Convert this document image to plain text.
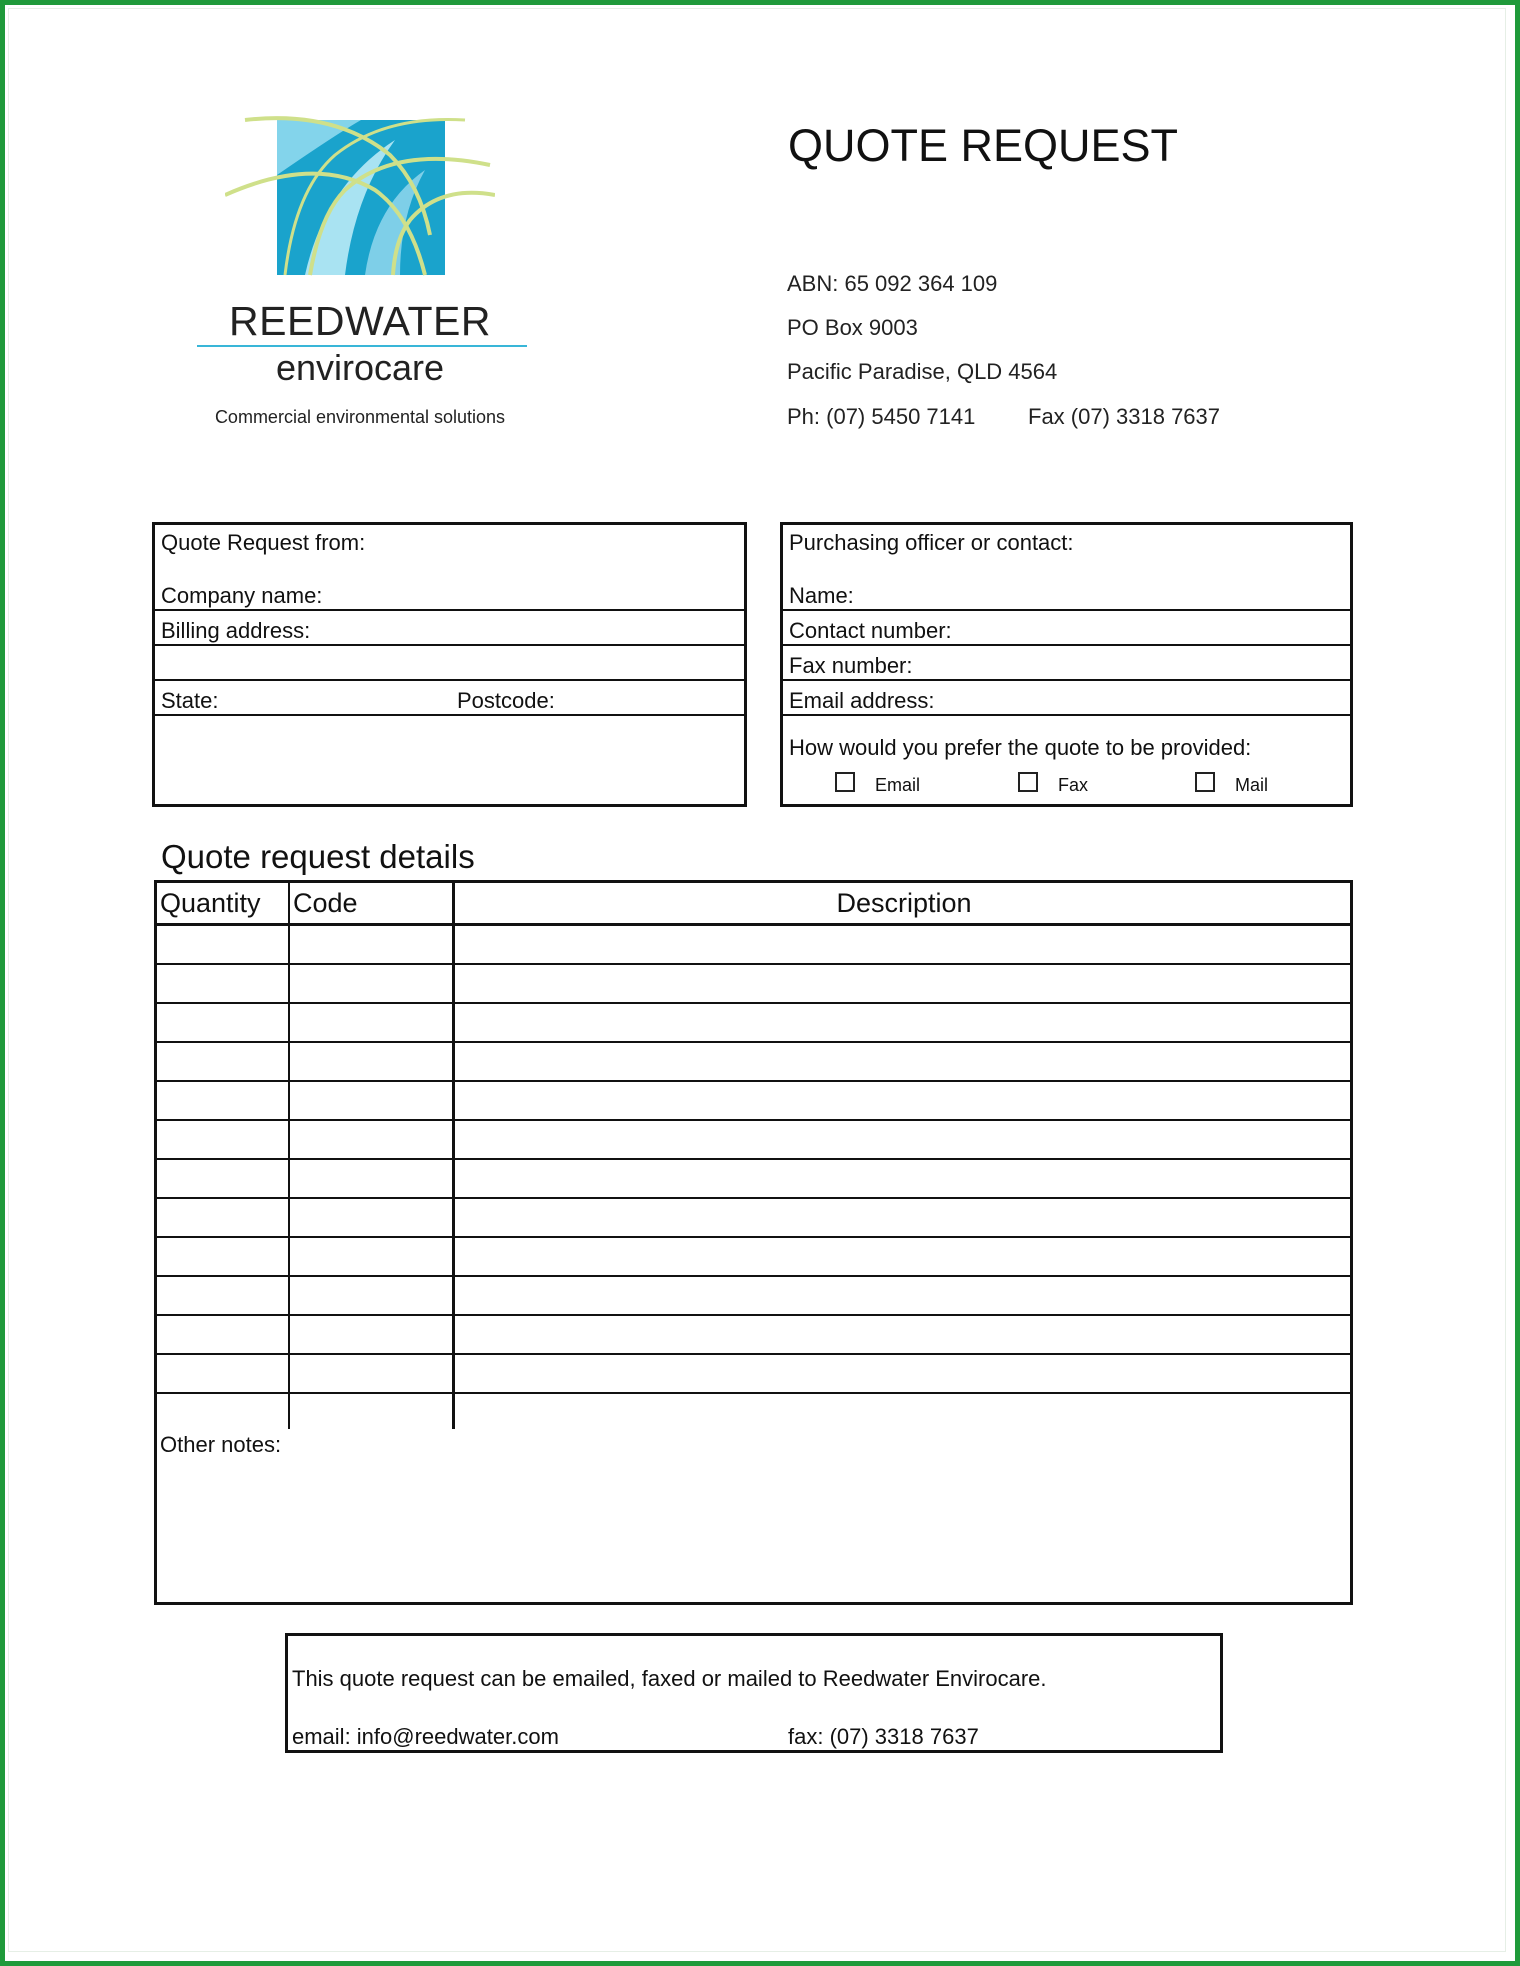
REEDWATER
envirocare
Commercial environmental solutions
QUOTE REQUEST
ABN: 65 092 364 109
PO Box 9003
Pacific Paradise, QLD 4564
Ph: (07) 5450 7141 Fax (07) 3318 7637
Quote Request from:
Company name:
Billing address:
State:	Postcode:
Purchasing officer or contact:
Name:
Contact number:
Fax number:
Email address:
How would you prefer the quote to be provided:
Email	Fax	Mail
Quote request details
Quantity	Code	Description

Other notes:
This quote request can be emailed, faxed or mailed to Reedwater Envirocare.
email: info@reedwater.com	fax: (07) 3318 7637
